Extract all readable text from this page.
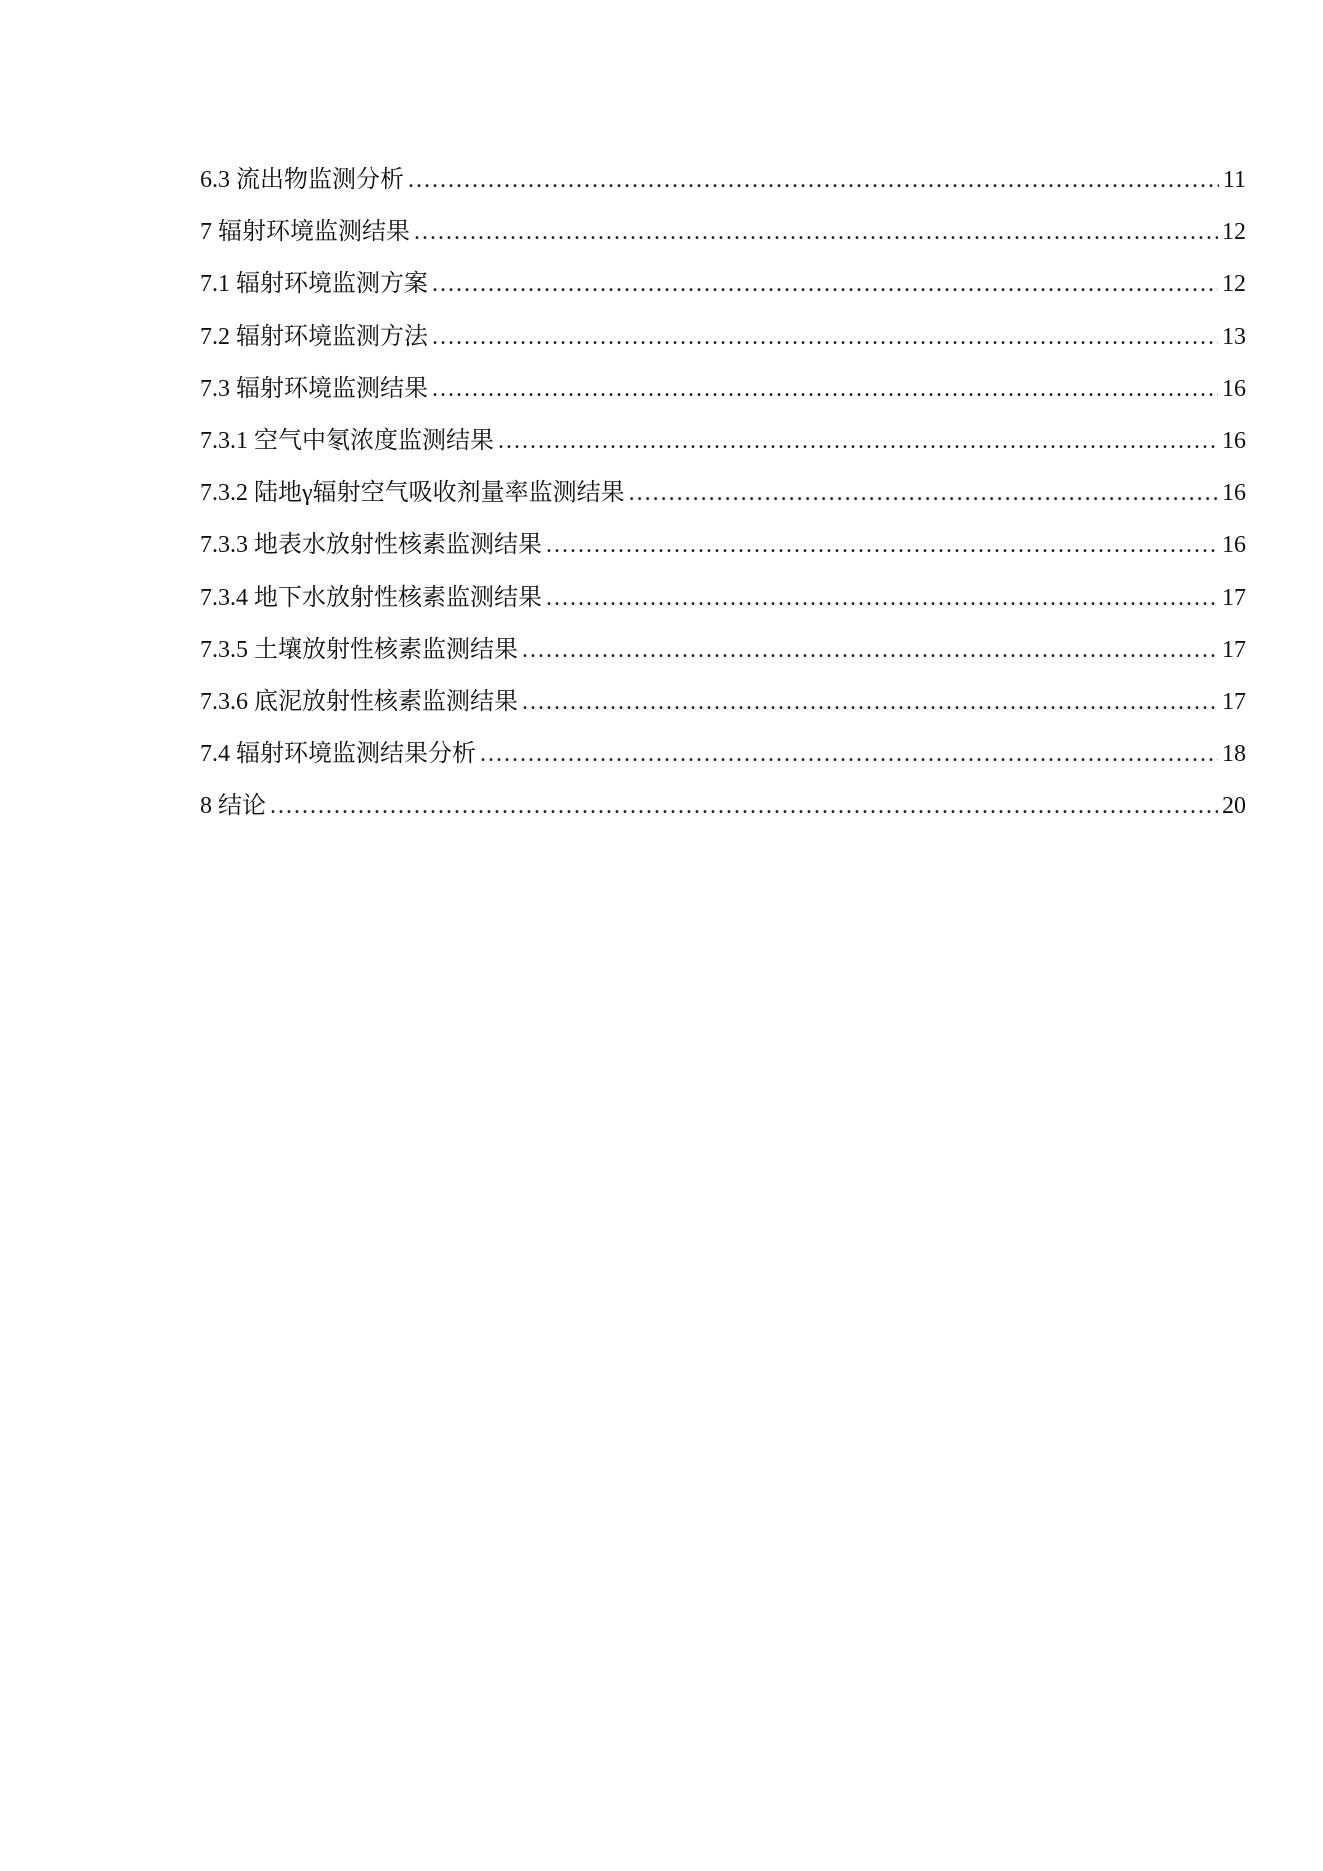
6.3 流出物监测分析 .....	11
7 辐射环境监测结果 .....	12
7.1 辐射环境监测方案 .....	12
7.2 辐射环境监测方法 .....	13
7.3 辐射环境监测结果 .....	16
7.3.1 空气中氡浓度监测结果 .....	16
7.3.2 陆地γ辐射空气吸收剂量率监测结果 .....	16
7.3.3 地表水放射性核素监测结果 .....	16
7.3.4 地下水放射性核素监测结果 .....	17
7.3.5 土壤放射性核素监测结果 .....	17
7.3.6 底泥放射性核素监测结果 .....	17
7.4 辐射环境监测结果分析 .....	18
8 结论 .....	20
